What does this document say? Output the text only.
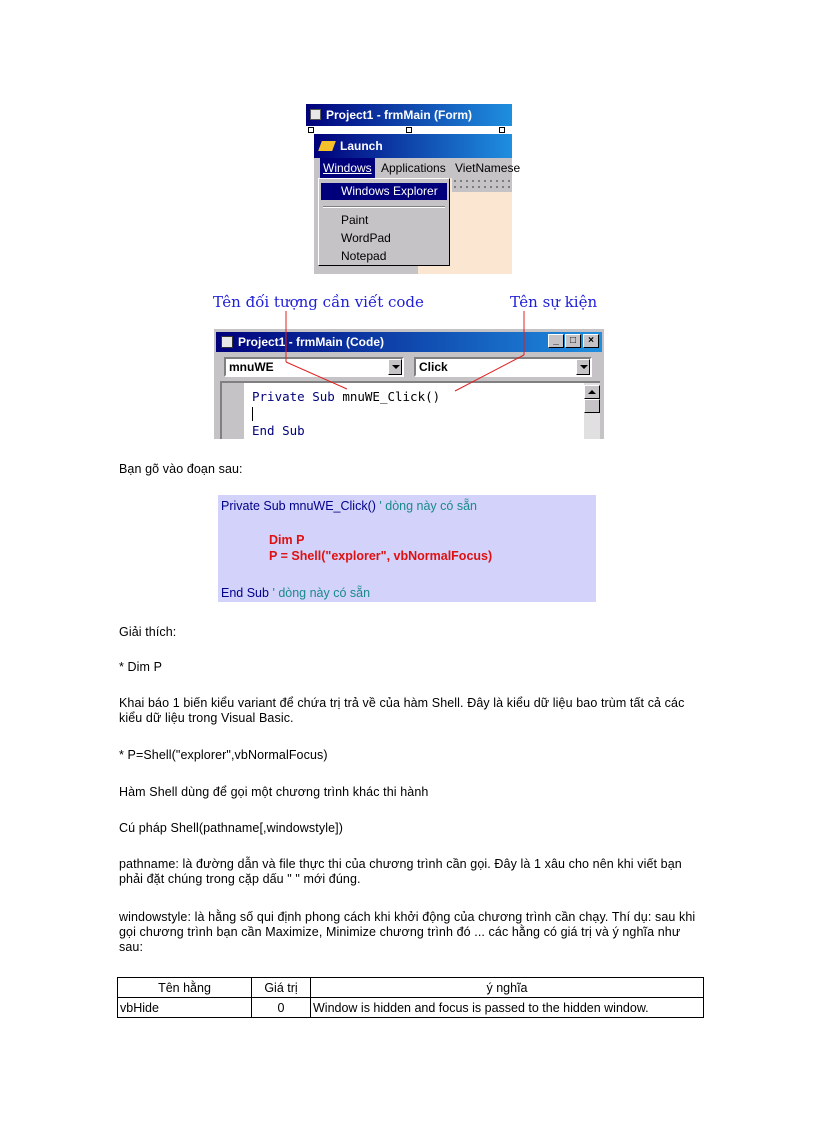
Project1 - frmMain (Form)
Launch
Windows Applications VietNamese
Windows Explorer
Paint
WordPad
Notepad
Tên đối tượng cần viết code	Tên sự kiện
Project1 - frmMain (Code)	_	□	×
mnuWE	Click
Private Sub mnuWE_Click()
End Sub
Bạn gõ vào đoạn sau:
Private Sub mnuWE_Click() ' dòng này có sẵn
Dim P
P = Shell("explorer", vbNormalFocus)
End Sub ' dòng này có sẵn
Giải thích:
* Dim P
Khai báo 1 biến kiểu variant để chứa trị trả về của hàm Shell. Đây là kiểu dữ liệu bao trùm tất cả các kiểu dữ liệu trong Visual Basic.
* P=Shell("explorer",vbNormalFocus)
Hàm Shell dùng để gọi một chương trình khác thi hành
Cú pháp Shell(pathname[,windowstyle])
pathname: là đường dẫn và file thực thi của chương trình cần gọi. Đây là 1 xâu cho nên khi viết bạn phải đặt chúng trong cặp dấu " " mới đúng.
windowstyle: là hằng số qui định phong cách khi khởi động của chương trình cần chạy. Thí dụ: sau khi gọi chương trình bạn cần Maximize, Minimize chương trình đó ... các hằng có giá trị và ý nghĩa như sau:
Tên hằng	Giá trị	ý nghĩa
vbHide	0	Window is hidden and focus is passed to the hidden window.
